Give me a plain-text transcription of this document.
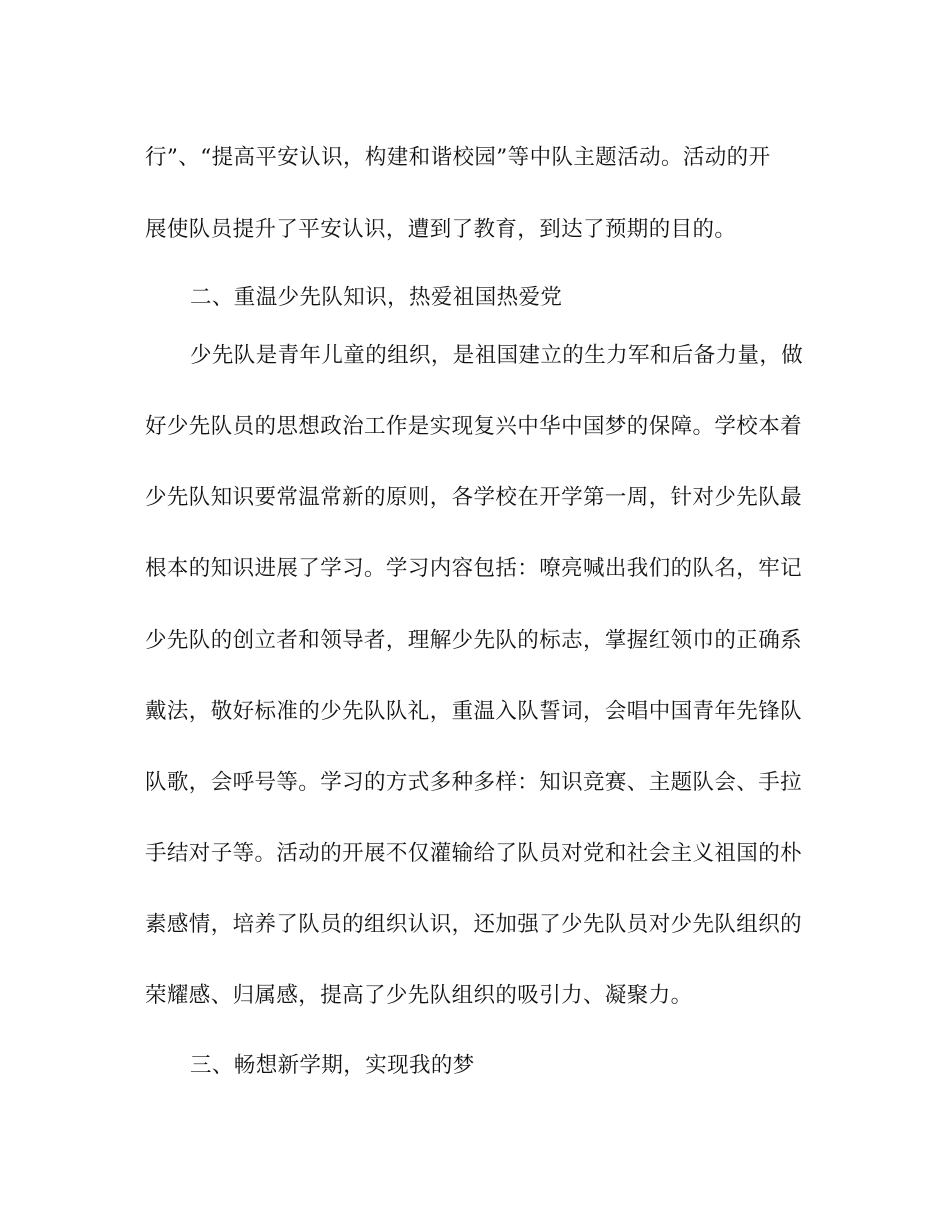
行”、“提高平安认识，构建和谐校园”等中队主题活动。活动的开
展使队员提升了平安认识，遭到了教育，到达了预期的目的。
二、重温少先队知识，热爱祖国热爱党
少先队是青年儿童的组织，是祖国建立的生力军和后备力量，做
好少先队员的思想政治工作是实现复兴中华中国梦的保障。学校本着
少先队知识要常温常新的原则，各学校在开学第一周，针对少先队最
根本的知识进展了学习。学习内容包括：嘹亮喊出我们的队名，牢记
少先队的创立者和领导者，理解少先队的标志，掌握红领巾的正确系
戴法，敬好标准的少先队队礼，重温入队誓词，会唱中国青年先锋队
队歌，会呼号等。学习的方式多种多样：知识竞赛、主题队会、手拉
手结对子等。活动的开展不仅灌输给了队员对党和社会主义祖国的朴
素感情，培养了队员的组织认识，还加强了少先队员对少先队组织的
荣耀感、归属感，提高了少先队组织的吸引力、凝聚力。
三、畅想新学期，实现我的梦
